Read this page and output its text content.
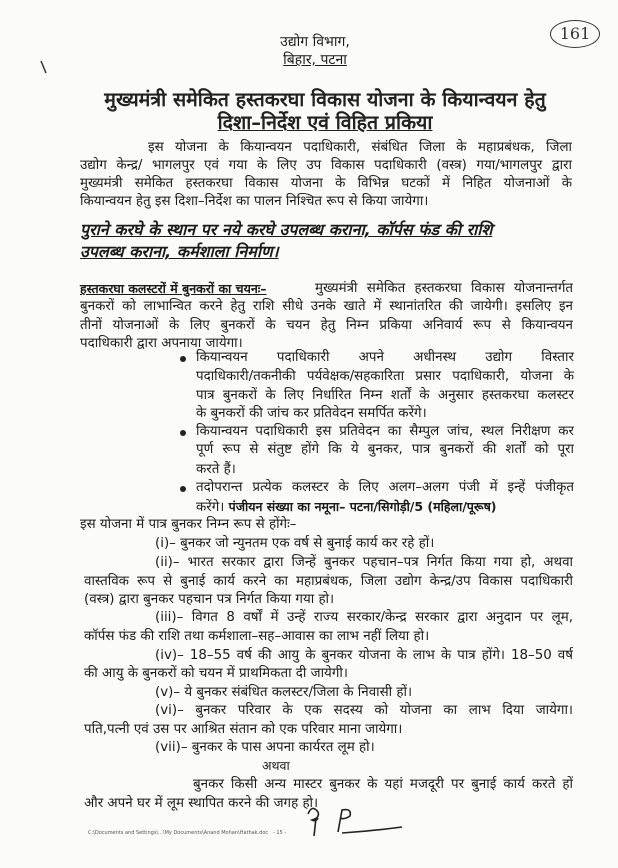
161
उद्योग विभाग,
बिहार, पटना
मुख्यमंत्री समेकित हस्तकरघा विकास योजना के कियान्वयन हेतु
दिशा–निर्देश एवं विहित प्रकिया
इस योजना के कियान्वयन पदाधिकारी, संबंधित जिला के महाप्रबंधक, जिला
उद्योग केन्द्र/ भागलपुर एवं गया के लिए उप विकास पदाधिकारी (वस्त्र) गया/भागलपुर द्वारा
मुख्यमंत्री समेकित हस्तकरघा विकास योजना के विभिन्न घटकों में निहित योजनाओं के
कियान्वयन हेतु इस दिशा–निर्देश का पालन निश्चित रूप से किया जायेगा।
पुराने करघे के स्थान पर नये करघे उपलब्ध कराना, कॉर्पस फंड की राशि
उपलब्ध कराना, कर्मशाला निर्माण।
हस्तकरघा कलस्टरों में बुनकरों का चयनः–	मुख्यमंत्री समेकित हस्तकरघा विकास योजनान्तर्गत
बुनकरों को लाभान्वित करने हेतु राशि सीधे उनके खाते में स्थानांतरित की जायेगी। इसलिए इन
तीनों योजनाओं के लिए बुनकरों के चयन हेतु निम्न प्रकिया अनिवार्य रूप से कियान्वयन
पदाधिकारी द्वारा अपनाया जायेगा।
कियान्वयन पदाधिकारी अपने अधीनस्थ उद्योग विस्तार
पदाधिकारी/तकनीकी पर्यवेक्षक/सहकारिता प्रसार पदाधिकारी, योजना के
पात्र बुनकरों के लिए निर्धारित निम्न शर्तों के अनुसार हस्तकरघा कलस्टर
के बुनकरों की जांच कर प्रतिवेदन समर्पित करेंगे।
कियान्वयन पदाधिकारी इस प्रतिवेदन का सैम्पुल जांच, स्थल निरीक्षण कर
पूर्ण रूप से संतुष्ट होंगे कि ये बुनकर, पात्र बुनकरों की शर्तों को पूरा
करते हैं।
तदोपरान्त प्रत्येक कलस्टर के लिए अलग–अलग पंजी में इन्हें पंजीकृत
करेंगे। पंजीयन संख्या का नमूना– पटना/सिगोड़ी/5 (महिला/पूरूष)
इस योजना में पात्र बुनकर निम्न रूप से होंगेः–
(i)– बुनकर जो न्युनतम एक वर्ष से बुनाई कार्य कर रहे हों।
(ii)– भारत सरकार द्वारा जिन्हें बुनकर पहचान–पत्र निर्गत किया गया हो, अथवा
वास्तविक रूप से बुनाई कार्य करने का महाप्रबंधक, जिला उद्योग केन्द्र/उप विकास पदाधिकारी
(वस्त्र) द्वारा बुनकर पहचान पत्र निर्गत किया गया हो।
(iii)– विगत 8 वर्षों में उन्हें राज्य सरकार/केन्द्र सरकार द्वारा अनुदान पर लूम,
कॉर्पस फंड की राशि तथा कर्मशाला–सह–आवास का लाभ नहीं लिया हो।
(iv)– 18–55 वर्ष की आयु के बुनकर योजना के लाभ के पात्र होंगे। 18–50 वर्ष
की आयु के बुनकरों को चयन में प्राथमिकता दी जायेगी।
(v)– ये बुनकर संबंधित कलस्टर/जिला के निवासी हों।
(vi)– बुनकर परिवार के एक सदस्य को योजना का लाभ दिया जायेगा।
पति,पत्नी एवं उस पर आश्रित संतान को एक परिवार माना जायेगा।
(vii)– बुनकर के पास अपना कार्यरत लूम हो।
अथवा
बुनकर किसी अन्य मास्टर बुनकर के यहां मजदूरी पर बुनाई कार्य करते हों
और अपने घर में लूम स्थापित करने की जगह हो।
C:\Documents and Settings\...\My Documents\Anand Mohan\Hathak.doc - 15 -
